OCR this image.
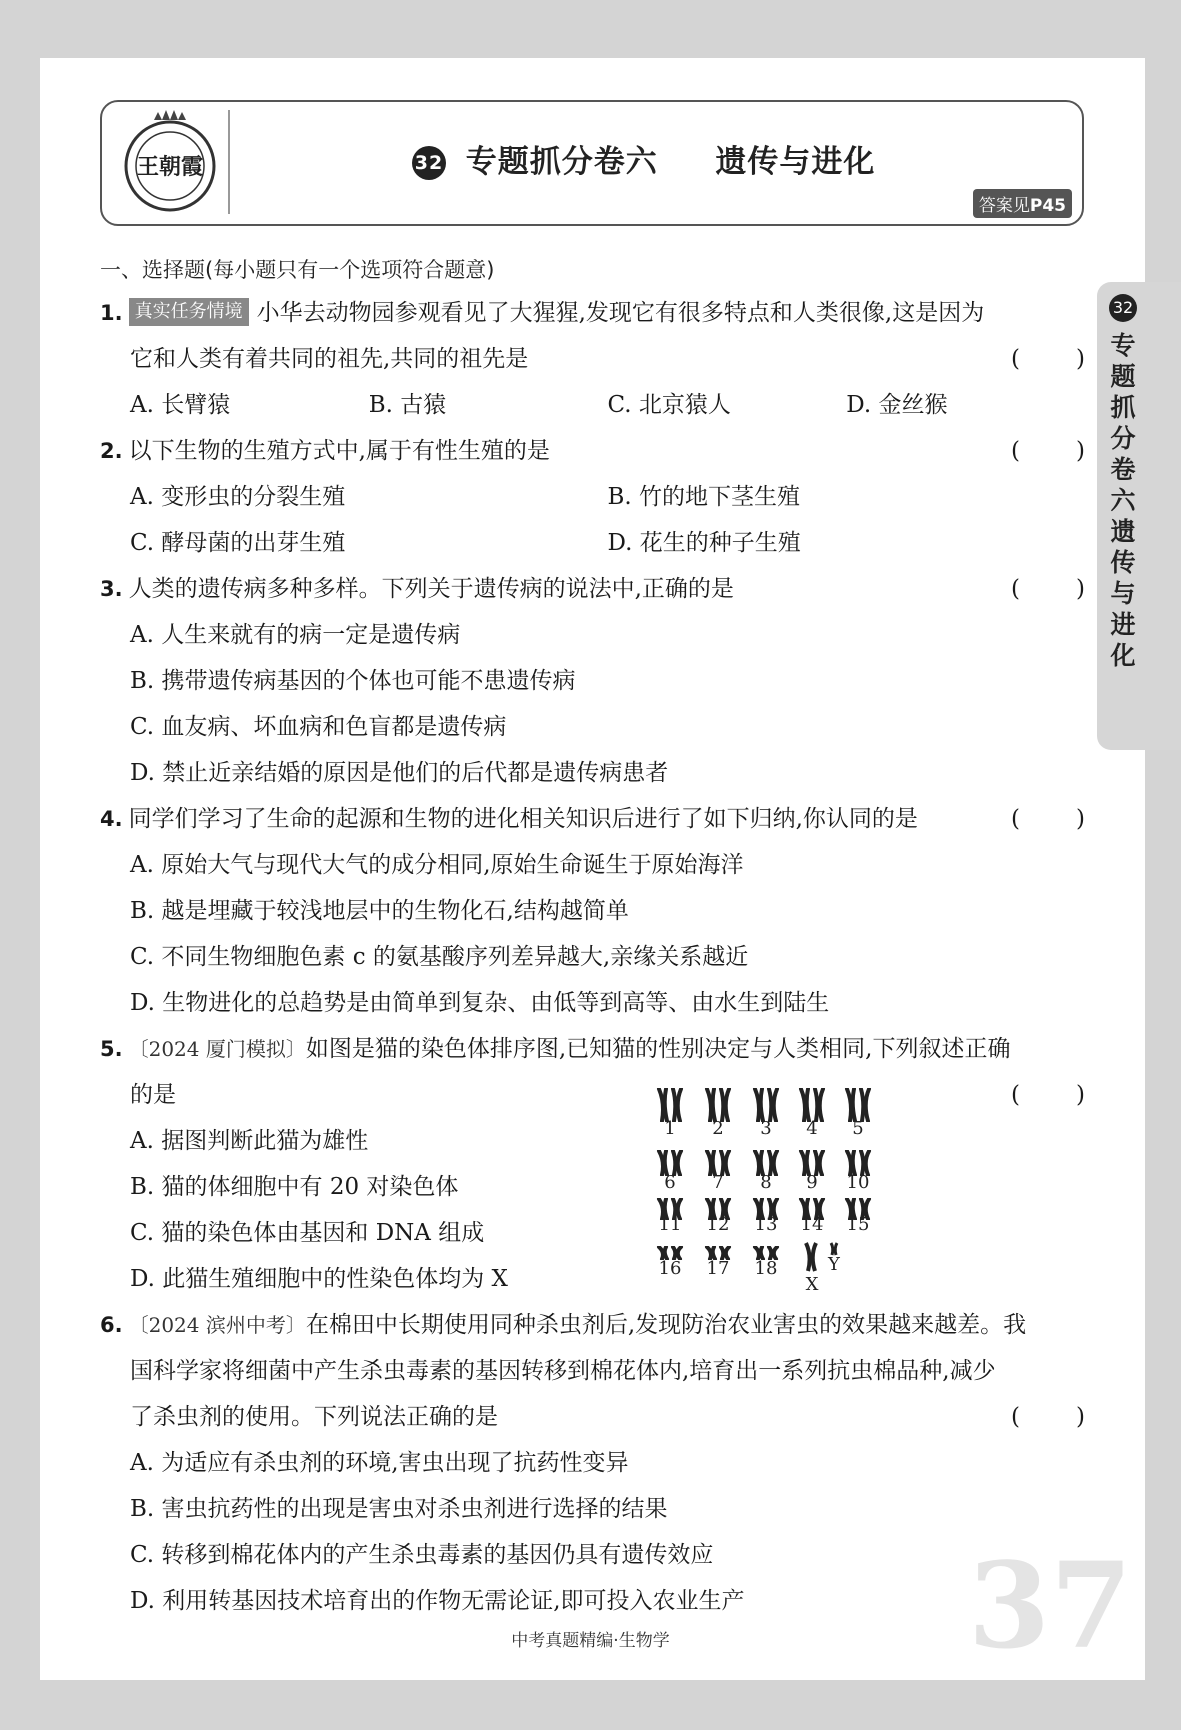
王朝霞	32 专题抓分卷六 遗传与进化
答案见P45
32
专题抓分卷六 遗传与进化
一、选择题(每小题只有一个选项符合题意)
1. 真实任务情境 小华去动物园参观看见了大猩猩,发现它有很多特点和人类很像,这是因为
它和人类有着共同的祖先,共同的祖先是	( )
A. 长臂猿	B. 古猿	C. 北京猿人	D. 金丝猴
2. 以下生物的生殖方式中,属于有性生殖的是	( )
A. 变形虫的分裂生殖	B. 竹的地下茎生殖
C. 酵母菌的出芽生殖	D. 花生的种子生殖
3. 人类的遗传病多种多样。下列关于遗传病的说法中,正确的是	( )
A. 人生来就有的病一定是遗传病
B. 携带遗传病基因的个体也可能不患遗传病
C. 血友病、坏血病和色盲都是遗传病
D. 禁止近亲结婚的原因是他们的后代都是遗传病患者
4. 同学们学习了生命的起源和生物的进化相关知识后进行了如下归纳,你认同的是	( )
A. 原始大气与现代大气的成分相同,原始生命诞生于原始海洋
B. 越是埋藏于较浅地层中的生物化石,结构越简单
C. 不同生物细胞色素 c 的氨基酸序列差异越大,亲缘关系越近
D. 生物进化的总趋势是由简单到复杂、由低等到高等、由水生到陆生
5. 〔2024 厦门模拟〕如图是猫的染色体排序图,已知猫的性别决定与人类相同,下列叙述正确
的是	( )
A. 据图判断此猫为雄性
B. 猫的体细胞中有 20 对染色体
C. 猫的染色体由基因和 DNA 组成
D. 此猫生殖细胞中的性染色体均为 X
6. 〔2024 滨州中考〕在棉田中长期使用同种杀虫剂后,发现防治农业害虫的效果越来越差。我
国科学家将细菌中产生杀虫毒素的基因转移到棉花体内,培育出一系列抗虫棉品种,减少
了杀虫剂的使用。下列说法正确的是	( )
A. 为适应有杀虫剂的环境,害虫出现了抗药性变异
B. 害虫抗药性的出现是害虫对杀虫剂进行选择的结果
C. 转移到棉花体内的产生杀虫毒素的基因仍具有遗传效应
D. 利用转基因技术培育出的作物无需论证,即可投入农业生产
1	2	3	4	5
6	7	8	9	10
11 12 13 14 15
16 17 18
X
Y
37
中考真题精编·生物学
